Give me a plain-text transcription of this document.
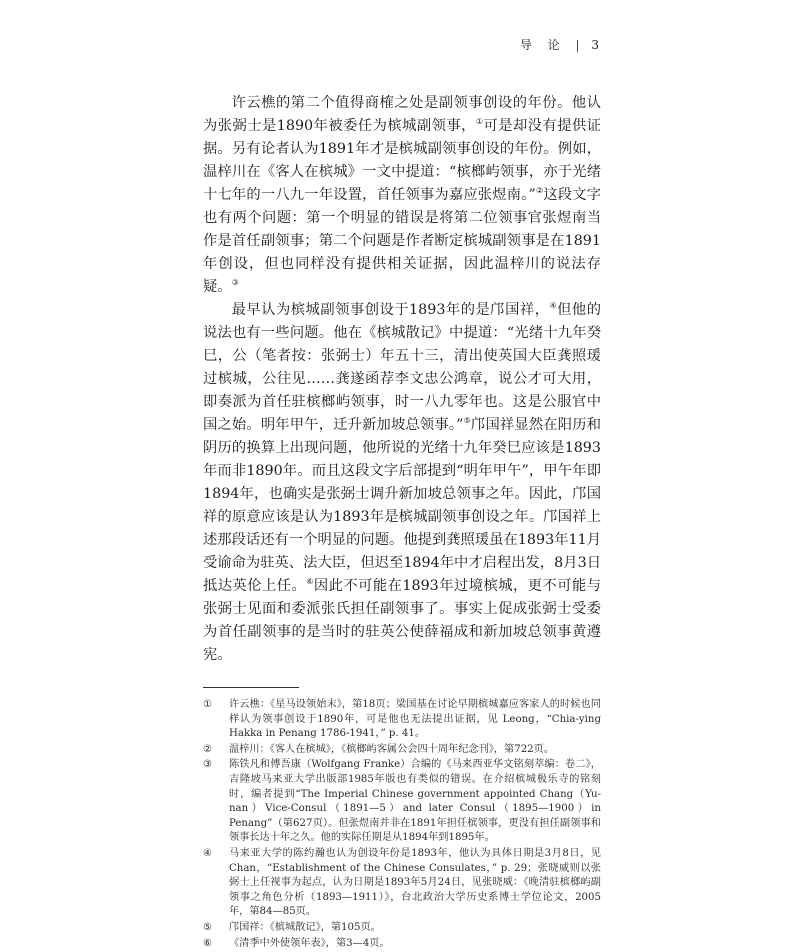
导 论 | 3

许云樵的第二个值得商榷之处是副领事创设的年份。他认为张弼士是1890年被委任为槟城副领事，①可是却没有提供证据。另有论者认为1891年才是槟城副领事创设的年份。例如，温梓川在《客人在槟城》一文中提道：“槟榔屿领事，亦于光绪十七年的一八九一年设置，首任领事为嘉应张煜南。”②这段文字也有两个问题：第一个明显的错误是将第二位领事官张煜南当作是首任副领事；第二个问题是作者断定槟城副领事是在1891年创设，但也同样没有提供相关证据，因此温梓川的说法存疑。③

最早认为槟城副领事创设于1893年的是邝国祥，④但他的说法也有一些问题。他在《槟城散记》中提道：“光绪十九年癸巳，公（笔者按：张弼士）年五十三，清出使英国大臣龚照瑗过槟城，公往见……龚遂函荐李文忠公鸿章，说公才可大用，即奏派为首任驻槟榔屿领事，时一八九零年也。这是公服官中国之始。明年甲午，迁升新加坡总领事。”⑤邝国祥显然在阳历和阴历的换算上出现问题，他所说的光绪十九年癸巳应该是1893年而非1890年。而且这段文字后部提到“明年甲午”，甲午年即1894年，也确实是张弼士调升新加坡总领事之年。因此，邝国祥的原意应该是认为1893年是槟城副领事创设之年。邝国祥上述那段话还有一个明显的问题。他提到龚照瑗虽在1893年11月受谕命为驻英、法大臣，但迟至1894年中才启程出发，8月3日抵达英伦上任。⑥因此不可能在1893年过境槟城，更不可能与张弼士见面和委派张氏担任副领事了。事实上促成张弼士受委为首任副领事的是当时的驻英公使薛福成和新加坡总领事黄遵宪。

①	许云樵：《星马设领始末》，第18页；梁国基在讨论早期槟城嘉应客家人的时候也同样认为领事创设于1890年，可是他也无法提出证据，见 Leong，“Chia-ying Hakka in Penang 1786-1941，” p. 41。
②	温梓川：《客人在槟城》，《槟榔屿客属公会四十周年纪念刊》，第722页。
③	陈铁凡和傅吾康（Wolfgang Franke）合编的《马来西亚华文铭刻萃编：卷二》，吉隆坡马来亚大学出版部1985年版也有类似的错误。在介绍槟城极乐寺的铭刻时，编者提到“The Imperial Chinese government appointed Chang（Yu-nan）Vice-Consul（1891—5）and later Consul（1895—1900）in Penang”（第627页）。但张煜南并非在1891年担任槟领事，更没有担任副领事和领事长达十年之久。他的实际任期是从1894年到1895年。
④	马来亚大学的陈约瀚也认为创设年份是1893年，他认为具体日期是3月8日，见 Chan，“Establishment of the Chinese Consulates，” p. 29；张晓威则以张弼士上任视事为起点，认为日期是1893年5月24日，见张晓威：《晚清驻槟榔屿副领事之角色分析（1893—1911）》，台北政治大学历史系博士学位论文，2005年，第84—85页。
⑤	邝国祥：《槟城散记》，第105页。
⑥	《清季中外使领年表》，第3—4页。
